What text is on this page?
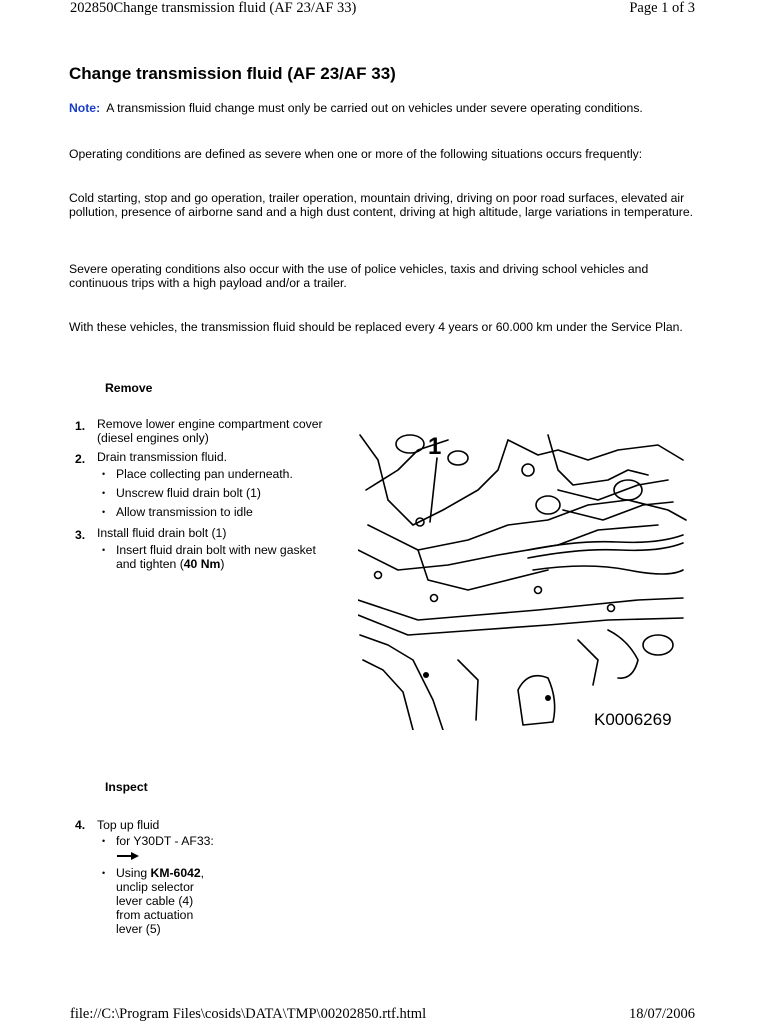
202850Change transmission fluid (AF 23/AF 33)	Page 1 of 3
Change transmission fluid (AF 23/AF 33)
Note: A transmission fluid change must only be carried out on vehicles under severe operating conditions.
Operating conditions are defined as severe when one or more of the following situations occurs frequently:
Cold starting, stop and go operation, trailer operation, mountain driving, driving on poor road surfaces, elevated air pollution, presence of airborne sand and a high dust content, driving at high altitude, large variations in temperature.
Severe operating conditions also occur with the use of police vehicles, taxis and driving school vehicles and continuous trips with a high payload and/or a trailer.
With these vehicles, the transmission fluid should be replaced every 4 years or 60.000 km under the Service Plan.
Remove
1. Remove lower engine compartment cover (diesel engines only)
2. Drain transmission fluid.
• Place collecting pan underneath.
• Unscrew fluid drain bolt (1)
• Allow transmission to idle
3. Install fluid drain bolt (1)
• Insert fluid drain bolt with new gasket and tighten (40 Nm)
1
K0006269
Inspect
4. Top up fluid
• for Y30DT - AF33:
• Using KM-6042, unclip selector lever cable (4) from actuation lever (5)
file://C:\Program Files\cosids\DATA\TMP\00202850.rtf.html	18/07/2006
